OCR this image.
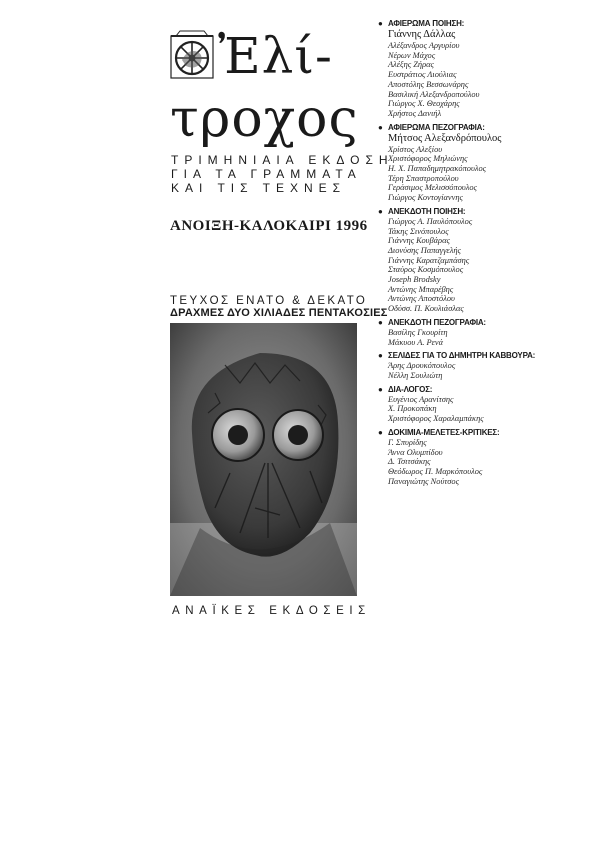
Ἐλί-
τροχος
ΤΡΙΜΗΝΙΑΙΑ ΕΚΔΟΣΗ
ΓΙΑ ΤΑ ΓΡΑΜΜΑΤΑ
ΚΑΙ ΤΙΣ ΤΕΧΝΕΣ
ΑΝΟΙΞΗ-ΚΑΛΟΚΑΙΡΙ 1996
ΤΕΥΧΟΣ ΕΝΑΤΟ & ΔΕΚΑΤΟ
ΔΡΑΧΜΕΣ ΔΥΟ ΧΙΛΙΑΔΕΣ ΠΕΝΤΑΚΟΣΙΕΣ
ΑΝΑΪΚΕΣ ΕΚΔΟΣΕΙΣ
● ΑΦΙΕΡΩΜΑ ΠΟΙΗΣΗ:
Γιάννης Δάλλας
Αλέξανδρος Αργυρίου
Νέρων Μάχος
Αλέξης Ζήρας
Ευστράτιος Λιούλιας
Αποστόλης Βεσσωνάρης
Βασιλική Αλεξανδροπούλου
Γιώργος Χ. Θεοχάρης
Χρήστος Δανιήλ
● ΑΦΙΕΡΩΜΑ ΠΕΖΟΓΡΑΦΙΑ:
Μήτσος Αλεξανδρόπουλος
Χρίστος Αλεξίου
Χριστόφορος Μηλιώνης
Η. Χ. Παπαδημητρακόπουλος
Τέρη Σπαστροπούλου
Γεράσιμος Μελισσόπουλος
Γιώργος Κοντογίαννης
● ΑΝΕΚΔΟΤΗ ΠΟΙΗΣΗ:
Γιώργος Α. Παυλόπουλος
Τάκης Σινόπουλος
Γιάννης Κουβάρας
Διονύσης Παπαγγελής
Γιάννης Καρατζαμπάσης
Σταύρος Κοσμόπουλος
Joseph Brodsky
Αντώνης Μπαρέβης
Αντώνης Αποστόλου
Οδύσσ. Π. Κουλιάσλας
● ΑΝΕΚΔΟΤΗ ΠΕΖΟΓΡΑΦΙΑ:
Βασίλης Γκουρίτη
Μάκυου Α. Ρενά
● ΣΕΛΙΔΕΣ ΓΙΑ ΤΟ ΔΗΜΗΤΡΗ ΚΑΒΒΟΥΡΑ:
Άρης Δρουκόπουλος
Νέλλη Σουλιώτη
● ΔΙΑ-ΛΟΓΟΣ:
Ευγένιος Αρανίτσης
Χ. Προκοπάκη
Χριστόφορος Χαραλαμπάκης
● ΔΟΚΙΜΙΑ-ΜΕΛΕΤΕΣ-ΚΡΙΤΙΚΕΣ:
Γ. Σπυρίδης
Άννα Ολυμπίδου
Δ. Τσιτσάκης
Θεόδωρος Π. Μαρκόπουλος
Παναγιώτης Νούτσος
